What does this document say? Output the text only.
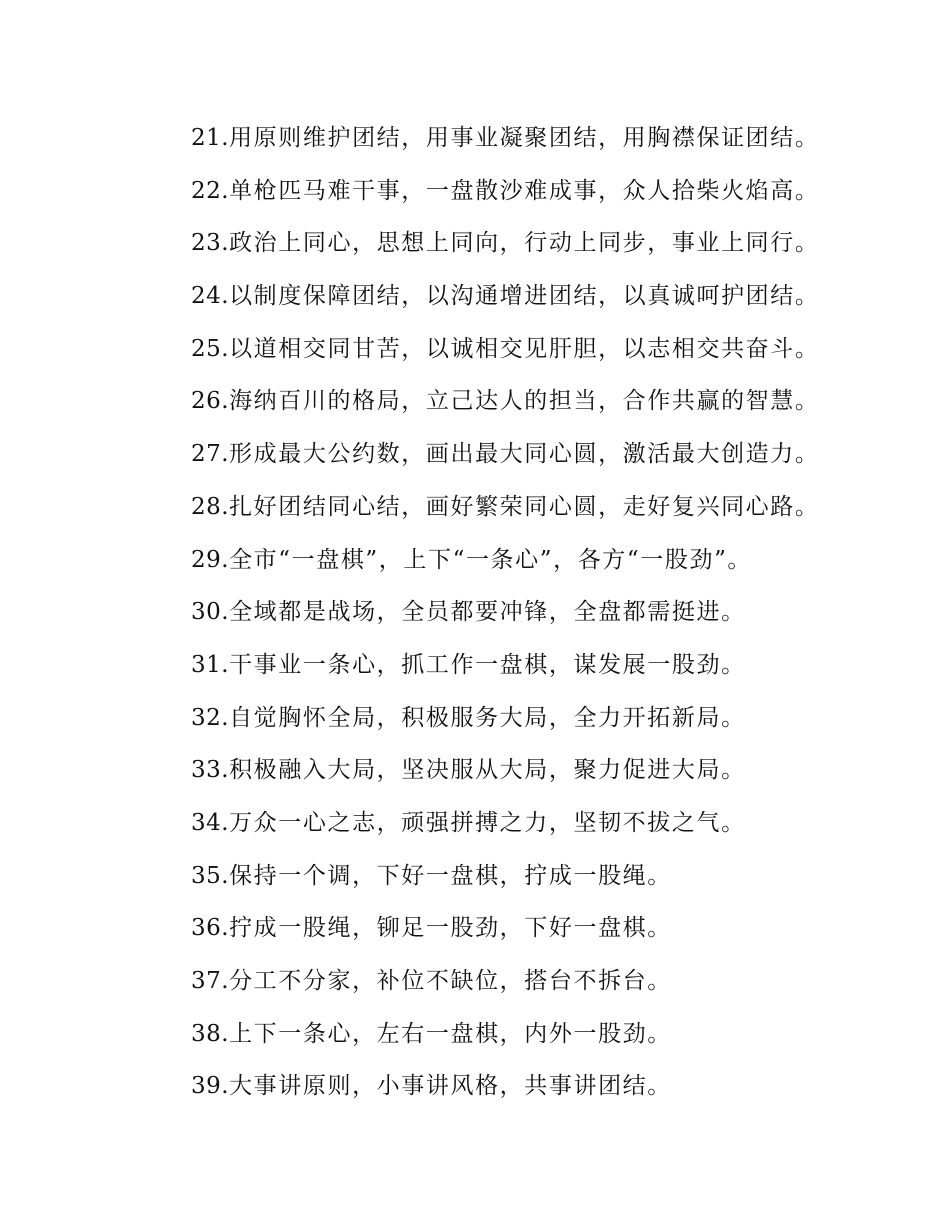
21.用原则维护团结，用事业凝聚团结，用胸襟保证团结。
22.单枪匹马难干事，一盘散沙难成事，众人拾柴火焰高。
23.政治上同心，思想上同向，行动上同步，事业上同行。
24.以制度保障团结，以沟通增进团结，以真诚呵护团结。
25.以道相交同甘苦，以诚相交见肝胆，以志相交共奋斗。
26.海纳百川的格局，立己达人的担当，合作共赢的智慧。
27.形成最大公约数，画出最大同心圆，激活最大创造力。
28.扎好团结同心结，画好繁荣同心圆，走好复兴同心路。
29.全市“一盘棋”，上下“一条心”，各方“一股劲”。
30.全域都是战场，全员都要冲锋，全盘都需挺进。
31.干事业一条心，抓工作一盘棋，谋发展一股劲。
32.自觉胸怀全局，积极服务大局，全力开拓新局。
33.积极融入大局，坚决服从大局，聚力促进大局。
34.万众一心之志，顽强拼搏之力，坚韧不拔之气。
35.保持一个调，下好一盘棋，拧成一股绳。
36.拧成一股绳，铆足一股劲，下好一盘棋。
37.分工不分家，补位不缺位，搭台不拆台。
38.上下一条心，左右一盘棋，内外一股劲。
39.大事讲原则，小事讲风格，共事讲团结。
